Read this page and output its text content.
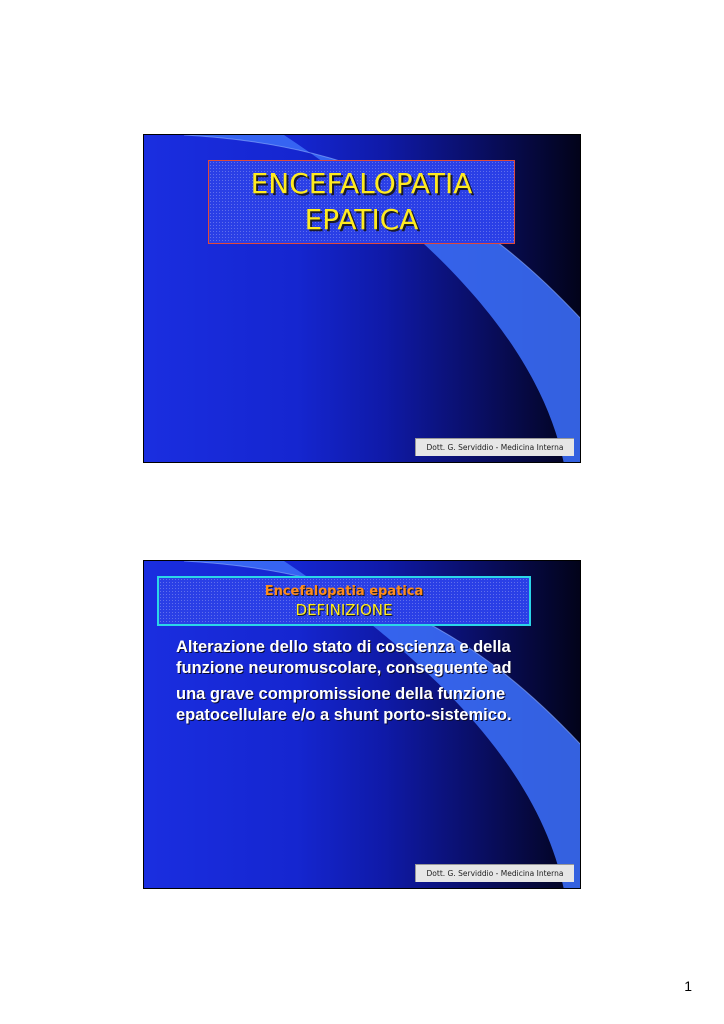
ENCEFALOPATIA
EPATICA
Dott. G. Serviddio - Medicina Interna
Encefalopatia epatica
DEFINIZIONE

Alterazione dello stato di coscienza e della funzione neuromuscolare, conseguente ad

una grave compromissione della funzione epatocellulare e/o a shunt porto-sistemico.

Dott. G. Serviddio - Medicina Interna
1
